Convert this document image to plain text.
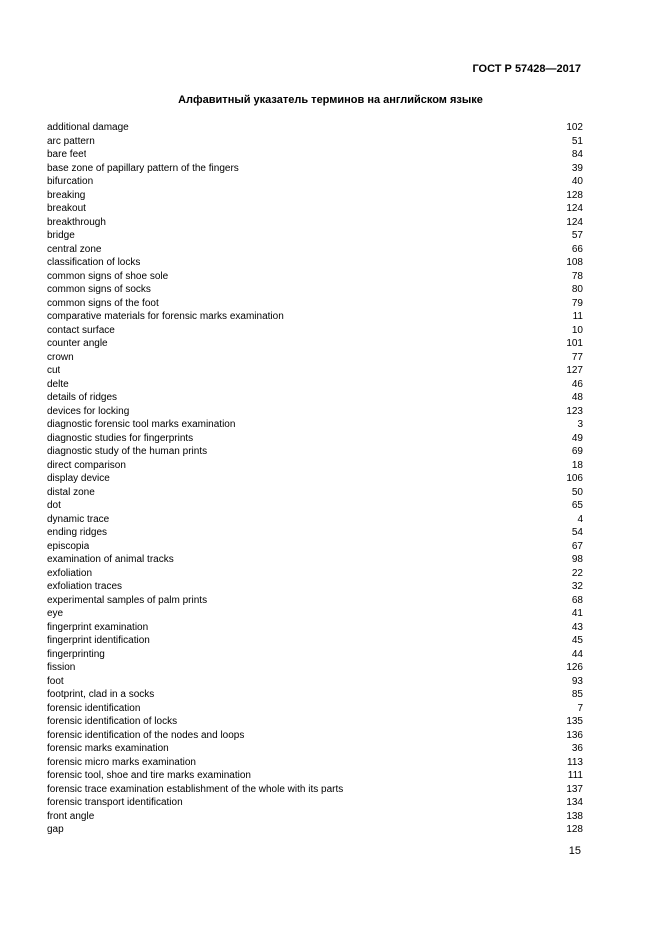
ГОСТ Р 57428—2017
Алфавитный указатель терминов на английском языке
additional damage	102
arc pattern	51
bare feet	84
base zone of papillary pattern of the fingers	39
bifurcation	40
breaking	128
breakout	124
breakthrough	124
bridge	57
central zone	66
classification of locks	108
common signs of shoe sole	78
common signs of socks	80
common signs of the foot	79
comparative materials for forensic marks examination	11
contact surface	10
counter angle	101
crown	77
cut	127
delte	46
details of ridges	48
devices for locking	123
diagnostic forensic tool marks examination	3
diagnostic studies for fingerprints	49
diagnostic study of the human prints	69
direct comparison	18
display device	106
distal zone	50
dot	65
dynamic trace	4
ending ridges	54
episcopia	67
examination of animal tracks	98
exfoliation	22
exfoliation traces	32
experimental samples of palm prints	68
eye	41
fingerprint examination	43
fingerprint identification	45
fingerprinting	44
fission	126
foot	93
footprint, clad in a socks	85
forensic identification	7
forensic identification of locks	135
forensic identification of the nodes and loops	136
forensic marks examination	36
forensic micro marks examination	113
forensic tool, shoe and tire marks examination	111
forensic trace examination establishment of the whole with its parts	137
forensic transport identification	134
front angle	138
gap	128
15
